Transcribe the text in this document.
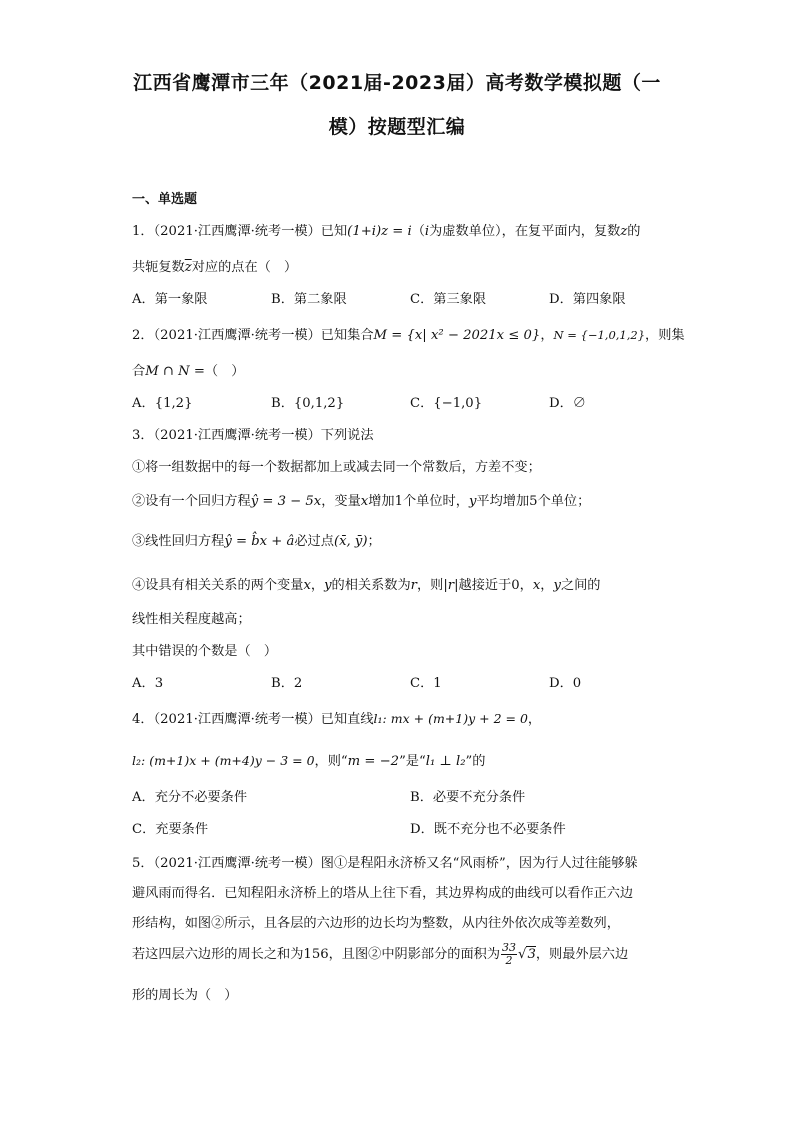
江西省鹰潭市三年（2021届-2023届）高考数学模拟题（一
模）按题型汇编
一、单选题
1．（2021·江西鹰潭·统考一模）已知(1+i)z = i（i为虚数单位），在复平面内，复数z的
共轭复数$\overline{z}$对应的点在（　）
A．第一象限	B．第二象限	C．第三象限	D．第四象限
2．（2021·江西鹰潭·统考一模）已知集合M = {x| x² − 2021x ≤ 0}，N = {−1,0,1,2}，则集
合M ∩ N =（　）
A．{1,2}	B．{0,1,2}	C．{−1,0}	D．∅
3．（2021·江西鹰潭·统考一模）下列说法
①将一组数据中的每一个数据都加上或减去同一个常数后，方差不变；
②设有一个回归方程ŷ = 3 − 5x，变量x增加1个单位时，y平均增加5个单位；
③线性回归方程ŷ = b̂x + â必过点(x̄, ȳ)；
④设具有相关关系的两个变量x，y的相关系数为r，则|r|越接近于0，x，y之间的
线性相关程度越高；
其中错误的个数是（　）
A．3	B．2	C．1	D．0
4．（2021·江西鹰潭·统考一模）已知直线l₁: mx + (m+1)y + 2 = 0，
l₂: (m+1)x + (m+4)y − 3 = 0，则“m = −2”是“l₁ ⊥ l₂”的
A．充分不必要条件	B．必要不充分条件
C．充要条件	D．既不充分也不必要条件
5．（2021·江西鹰潭·统考一模）图①是程阳永济桥又名“风雨桥”，因为行人过往能够躲
避风雨而得名．已知程阳永济桥上的塔从上往下看，其边界构成的曲线可以看作正六边
形结构，如图②所示，且各层的六边形的边长均为整数，从内往外依次成等差数列，
若这四层六边形的周长之和为156，且图②中阴影部分的面积为 $\frac{33}{2} √3$，则最外层六边
形的周长为（　）
